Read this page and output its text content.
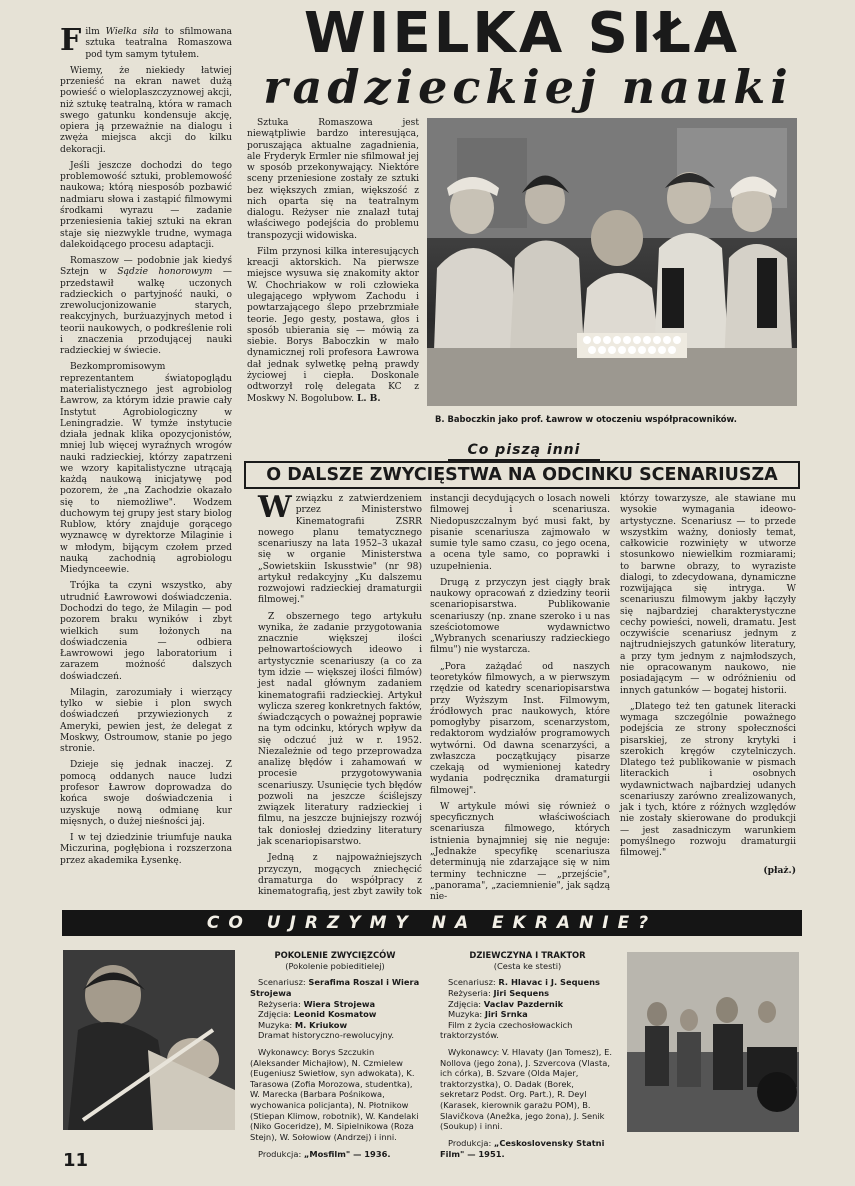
WIELKA SIŁA
radzieckiej nauki

Film Wielka siła to sfilmowana sztuka teatralna Romaszowa pod tym samym tytułem.

Wiemy, że niekiedy łatwiej przenieść na ekran nawet dużą powieść o wieloplaszczyznowej akcji, niż sztukę teatralną, która w ramach swego gatunku kondensuje akcję, opiera ją przeważnie na dialogu i zwęża miejsca akcji do kilku dekoracji.

Jeśli jeszcze dochodzi do tego problemowość sztuki, problemowość naukowa; którą niesposób pozbawić nadmiaru słowa i zastąpić filmowymi środkami wyrazu — zadanie przeniesienia takiej sztuki na ekran staje się niezwykle trudne, wymaga dalekoidącego procesu adaptacji.

Romaszow — podobnie jak kiedyś Sztejn w Sądzie honorowym — przedstawił walkę uczonych radzieckich o partyjność nauki, o zrewolucjonizowanie starych, reakcyjnych, burżuazyjnych metod i teorii naukowych, o podkreślenie roli i znaczenia przodującej nauki radzieckiej w świecie.

Bezkompromisowym reprezentantem światopoglądu materialistycznego jest agrobiolog Ławrow, za którym idzie prawie cały Instytut Agrobiologiczny w Leningradzie. W tymże instytucie działa jednak klika opozycjonistów, mniej lub więcej wyraźnych wrogów nauki radzieckiej, którzy zapatrzeni we wzory kapitalistyczne utrącają każdą naukową inicjatywę pod pozorem, że „na Zachodzie okazało się to niemożliwe". Wodzem duchowym tej grupy jest stary biolog Rublow, który znajduje gorącego wyznawcę w dyrektorze Milaginie i w młodym, bijącym czołem przed nauką zachodnią agrobiologu Miedynceewie.

Trójka ta czyni wszystko, aby utrudnić Ławrowowi doświadczenia. Dochodzi do tego, że Milagin — pod pozorem braku wyników i zbyt wielkich sum łożonych na doświadczenia — odbiera Ławrowowi jego laboratorium i zarazem możność dalszych doświadczeń.

Milagin, zarozumiały i wierzący tylko w siebie i plon swych doświadczeń przywiezionych z Ameryki, pewien jest, że delegat z Moskwy, Ostroumow, stanie po jego stronie.

Dzieje się jednak inaczej. Z pomocą oddanych nauce ludzi profesor Ławrow doprowadza do końca swoje doświadczenia i uzyskuje nową odmianę kur mięsnych, o dużej nieśności jaj.

I w tej dziedzinie triumfuje nauka Miczurina, pogłębiona i rozszerzona przez akademika Łysenkę.

Sztuka Romaszowa jest niewątpliwie bardzo interesująca, poruszająca aktualne zagadnienia, ale Fryderyk Ermler nie sfilmował jej w sposób przekonywający. Niektóre sceny przeniesione zostały ze sztuki bez większych zmian, większość z nich oparta się na teatralnym dialogu. Reżyser nie znalazł tutaj właściwego podejścia do problemu transpozycji widowiska.

Film przynosi kilka interesujących kreacji aktorskich. Na pierwsze miejsce wysuwa się znakomity aktor W. Chochriakow w roli człowieka ulegającego wpływom Zachodu i powtarzającego ślepo przebrzmiałe teorie. Jego gesty, postawa, głos i sposób ubierania się — mówią za siebie. Borys Baboczkin w mało dynamicznej roli profesora Ławrowa dał jednak sylwetkę pełną prawdy życiowej i ciepła. Doskonale odtworzył rolę delegata KC z Moskwy N. Bogolubow. L. B.

B. Baboczkin jako prof. Ławrow w otoczeniu współpracowników.
Co piszą inni
O DALSZE ZWYCIĘSTWA NA ODCINKU SCENARIUSZA

Wzwiązku z zatwierdzeniem przez Ministerstwo Kinematografii ZSRR nowego planu tematycznego scenariuszy na lata 1952–3 ukazał się w organie Ministerstwa „Sowietskiin Iskusstwie" (nr 98) artykuł redakcyjny „Ku dalszemu rozwojowi radzieckiej dramaturgii filmowej."

Z obszernego tego artykułu wynika, że zadanie przygotowania znacznie większej ilości pełnowartościowych ideowo i artystycznie scenariuszy (a co za tym idzie — większej ilości filmów) jest nadal głównym zadaniem kinematografii radzieckiej. Artykuł wylicza szereg konkretnych faktów, świadczących o poważnej poprawie na tym odcinku, których wpływ da się odczuć już w r. 1952. Niezależnie od tego przeprowadza analizę błędów i zahamowań w procesie przygotowywania scenariuszy. Usunięcie tych błędów pozwoli na jeszcze ściślejszy związek literatury radzieckiej i filmu, na jeszcze bujniejszy rozwój tak doniosłej dziedziny literatury jak scenariopisarstwo.

Jedną z najpoważniejszych przyczyn, mogących zniechęcić dramaturga do współpracy z kinematografią, jest zbyt zawiły tok

instancji decydujących o losach noweli filmowej i scenariusza. Niedopuszczalnym być musi fakt, by pisanie scenariusza zajmowało w sumie tyle samo czasu, co jego ocena, a ocena tyle samo, co poprawki i uzupełnienia.

Drugą z przyczyn jest ciągły brak naukowy opracowań z dziedziny teorii scenariopisarstwa. Publikowanie scenariuszy (np. znane szeroko i u nas sześciotomowe wydawnictwo „Wybranych scenariuszy radzieckiego filmu") nie wystarcza.

„Pora zażądać od naszych teoretyków filmowych, a w pierwszym rzędzie od katedry scenariopisarstwa przy Wyższym Inst. Filmowym, źródłowych prac naukowych, które pomogłyby pisarzom, scenarzystom, redaktorom wydziałów programowych wytwórni. Od dawna scenarzyści, a zwłaszcza początkujący pisarze czekają od wymienionej katedry wydania podręcznika dramaturgii filmowej".

W artykule mówi się również o specyficznych właściwościach scenariusza filmowego, których istnienia bynajmniej się nie neguje: „Jednakże specyfikę scenariusza determinują nie zdarzające się w nim terminy techniczne — „przejście", „panorama", „zaciemnienie", jak sądzą nie-

którzy towarzysze, ale stawiane mu wysokie wymagania ideowo-artystyczne. Scenariusz — to przede wszystkim ważny, doniosły temat, całkowicie rozwinięty w utworze stosunkowo niewielkim rozmiarami; to barwne obrazy, to wyraziste dialogi, to zdecydowana, dynamiczne rozwijająca się intryga. W scenariuszu filmowym jakby łączyły się najbardziej charakterystyczne cechy powieści, noweli, dramatu. Jest oczywiście scenariusz jednym z najtrudniejszych gatunków literatury, a przy tym jednym z najmłodszych, nie opracowanym naukowo, nie posiadającym — w odróżnieniu od innych gatunków — bogatej historii.

„Dlatego też ten gatunek literacki wymaga szczególnie poważnego podejścia ze strony społeczności pisarskiej, ze strony krytyki i szerokich kręgów czytelniczych. Dlatego też publikowanie w pismach literackich i osobnych wydawnictwach najbardziej udanych scenariuszy zarówno zrealizowanych, jak i tych, które z różnych względów nie zostały skierowane do produkcji — jest zasadniczym warunkiem pomyślnego rozwoju dramaturgii filmowej."

(płaż.)

CO UJRZYMY NA EKRANIE?
POKOLENIE ZWYCIĘZCÓW
(Pokolenie pobieditielej)
Scenariusz: Serafima Roszal i Wiera Strojewa
Reżyseria: Wiera Strojewa
Zdjęcia: Leonid Kosmatow
Muzyka: M. Kriukow
Dramat historyczno-rewolucyjny.
Wykonawcy: Borys Szczukin (Aleksander Michajłow), N. Czmielew (Eugeniusz Swietłow, syn adwokata), K. Tarasowa (Zofia Morozowa, studentka), W. Marecka (Barbara Pośnikowa, wychowanica policjanta), N. Płotnikow (Stiepan Klimow, robotnik), W. Kandelaki (Niko Goceridze), M. Sipielnikowa (Roza Stejn), W. Sołowiow (Andrzej) i inni.
Produkcja: „Mosfilm" — 1936.
DZIEWCZYNA I TRAKTOR
(Cesta ke stesti)
Scenariusz: R. Hlavac i J. Sequens
Reżyseria: Jiri Sequens
Zdjęcia: Vaclav Pazdernik
Muzyka: Jiri Srnka
Film z życia czechosłowackich traktorzystów.
Wykonawcy: V. Hlavaty (Jan Tomesz), E. Nollova (jego żona), J. Szvercova (Vlasta, ich córka), B. Szvare (Olda Majer, traktorzystka), O. Dadak (Borek, sekretarz Podst. Org. Part.), R. Deyl (Karasek, kierownik garażu POM), B. Slavičkova (Anežka, jego żona), J. Senik (Soukup) i inni.
Produkcja: „Ceskoslovensky Statni Film" — 1951.
11
